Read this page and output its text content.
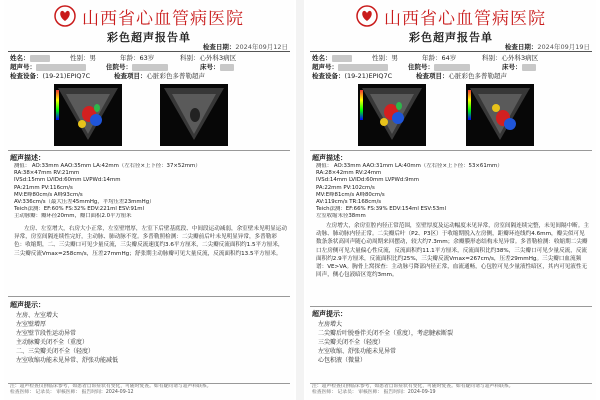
山西省心血管病医院
彩色超声报告单
检查日期：2024年09月12日
姓名：	性别：男	年龄：63岁	科别：心外科3病区
超声号：	住院号：	床号：
检查设备：(19-21)EPIQ7C	检查项目：心脏彩色多普勒超声
超声描述：
测值： AO:33mm AAO:35mm LA:42mm（左右径×上下径：37×52mm）
RA:38×47mm RV:21mm
IVSd:15mm LVIDd:60mm LVPWd:14mm
PA:21mm PV:116cm/s
MV:E峰80cm/s A峰93cm/s
AV:336cm/s（最大压差45mmHg，平均压差23mmHg）
Teich法测：EF:60% FS:32% EDV:221ml ESV:91ml
主动脉瓣：瓣环径20mm，瓣口面积2.0平方厘米
左房、左室增大，右房大小正常，左室壁增厚，左室下后壁基底段、中间段运动减弱，余室壁未见明显运动异常，房室间隔连续性完好，主动脉、肺动脉不宽。多普勒照检测：二尖瓣前后叶未见明显异常，多普勒彩色：收缩期，二、三尖瓣口可见少量反流，三尖瓣反流速度约3.6平方厘米，二尖瓣反流面积约1.5平方厘米，三尖瓣反流Vmax=258cm/s，压差27mmHg；舒张期主动脉瓣可见大量反流，反流面积约13.5平方厘米。
超声提示：
左房、左室增大
左室壁增厚
左室壁节段性运动异常
主动脉瓣关闭不全（重度）
二、三尖瓣关闭不全（轻度）
左室收缩功能未见异常、舒张功能减低
注：超声检查仅供临床参考，如患者自诉症状有变化，可随时复查。如有疑问请与超声科联系。
检查医师： 记录员： 审核医师： 报告时间：2024-09-12
山西省心血管病医院
彩色超声报告单
检查日期：2024年09月19日
姓名：	性别：男	年龄：64岁	科别：心外科3病区
超声号：	住院号：	床号：
检查设备：(19-21)EPIQ7C	检查项目：心脏彩色多普勒超声
超声描述：
测值： AO:33mm AAO:31mm LA:40mm（左右径×上下径：53×61mm）
RA:28×42mm RV:24mm
IVSd:14mm LVIDd:60mm LVPWd:9mm
PA:22mm PV:102cm/s
MV:E峰81cm/s A峰80cm/s
AV:119cm/s TR:168cm/s
Teich法测：EF:66% FS:39% EDV:154ml ESV:53ml
左室收缩末径38mm
左房增大，余房室腔内径正常范围，室壁厚度及运动幅度未见异常，房室间隔连续完整，未见间隔中断。主动脉、肺动脉内径正常。二尖瓣后叶（P2、P3区）于收缩期脱入左房侧，距瓣环连线约4.6mm，瓣尖似可见数条条状高回声随心动周期来回摆动，较大约7.3mm；余瓣膜形态结构未见异常。多普勒检测：收缩期二尖瓣口左房侧可见大量偏心性反流，反流面积约11.1平方厘米，反流面积比约38%，三尖瓣口可见少量反流，反流面积约2.9平方厘米，反流面积比约25%，三尖瓣反流Vmax=267cm/s，压差29mmHg。三尖瓣口血流频谱：VE>VA。胸骨上窝探查：主动脉弓降部内径正常，血流通畅，心包腔可见少量液性暗区，其内可见液性无回声，侧心包液暗区宽约3mm。
超声提示：
左房增大
二尖瓣后叶脱垂伴关闭不全（重度），考虑腱索断裂
三尖瓣关闭不全（轻度）
左室收缩、舒张功能未见异常
心包积液（微量）
注：超声检查仅供临床参考，如患者自诉症状有变化，可随时复查。如有疑问请与超声科联系。
检查医师： 记录员： 审核医师： 报告时间：2024-09-19
